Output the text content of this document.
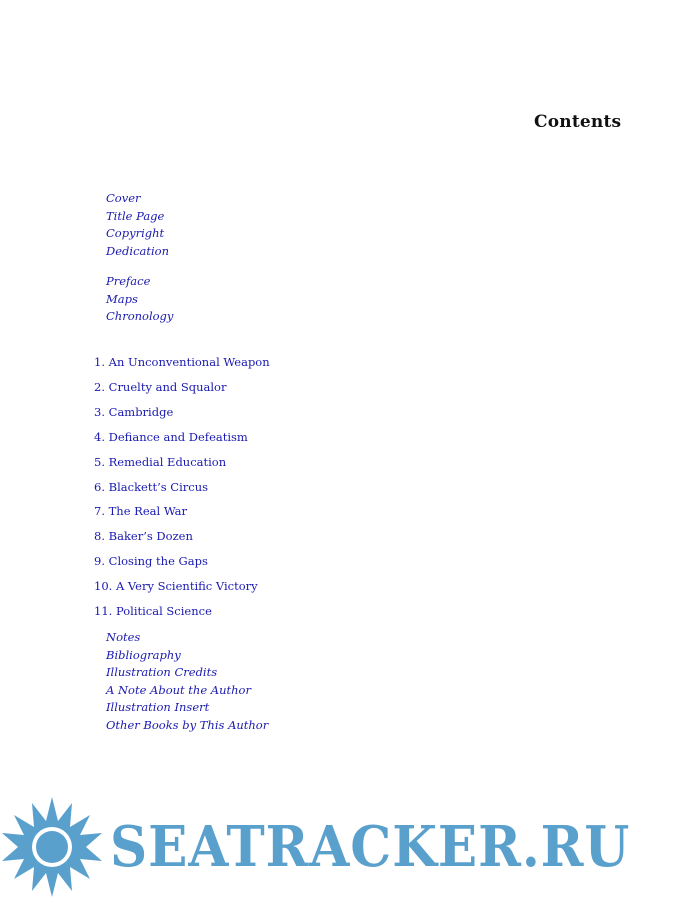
Contents
Cover
Title Page
Copyright
Dedication
Preface
Maps
Chronology
1. An Unconventional Weapon
2. Cruelty and Squalor
3. Cambridge
4. Defiance and Defeatism
5. Remedial Education
6. Blackett’s Circus
7. The Real War
8. Baker’s Dozen
9. Closing the Gaps
10. A Very Scientific Victory
11. Political Science
Notes
Bibliography
Illustration Credits
A Note About the Author
Illustration Insert
Other Books by This Author
SEATRACKER.RU
